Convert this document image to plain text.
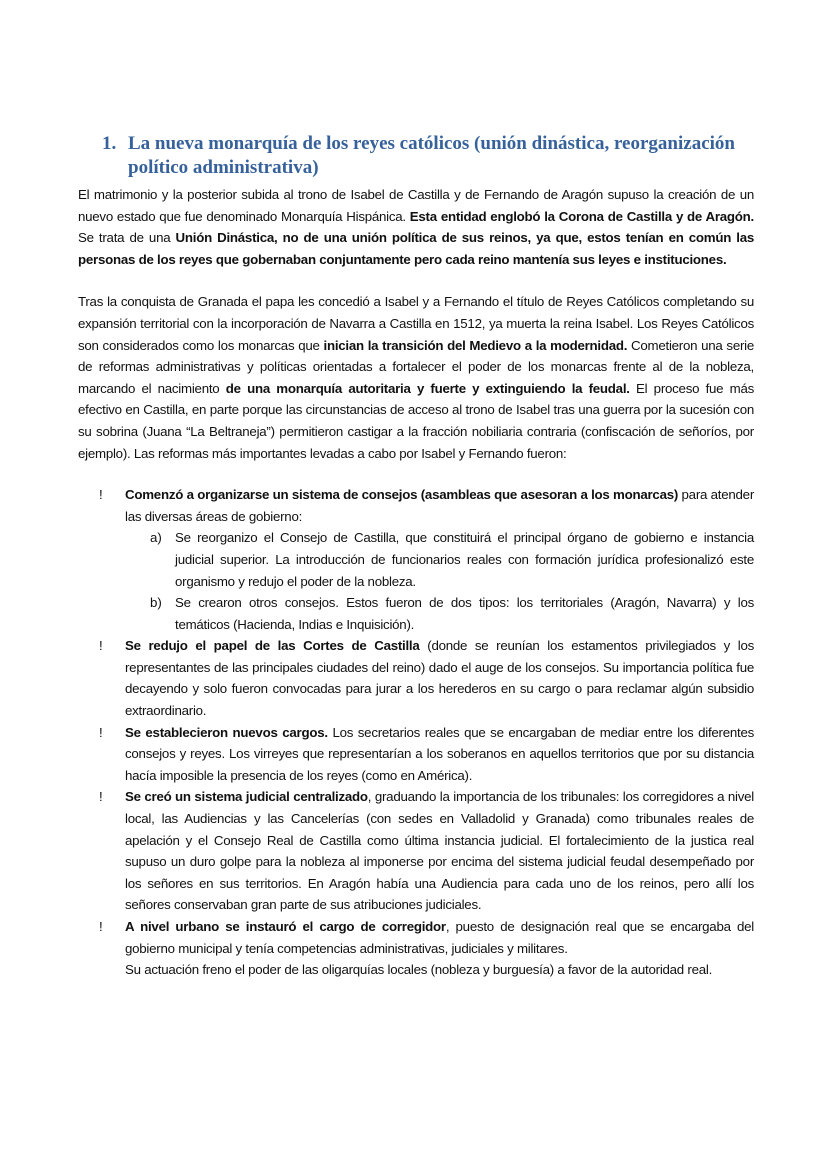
1. La nueva monarquía de los reyes católicos (unión dinástica, reorganización político administrativa)

El matrimonio y la posterior subida al trono de Isabel de Castilla y de Fernando de Aragón supuso la creación de un nuevo estado que fue denominado Monarquía Hispánica. Esta entidad englobó la Corona de Castilla y de Aragón. Se trata de una Unión Dinástica, no de una unión política de sus reinos, ya que, estos tenían en común las personas de los reyes que gobernaban conjuntamente pero cada reino mantenía sus leyes e instituciones.

Tras la conquista de Granada el papa les concedió a Isabel y a Fernando el título de Reyes Católicos completando su expansión territorial con la incorporación de Navarra a Castilla en 1512, ya muerta la reina Isabel. Los Reyes Católicos son considerados como los monarcas que inician la transición del Medievo a la modernidad. Cometieron una serie de reformas administrativas y políticas orientadas a fortalecer el poder de los monarcas frente al de la nobleza, marcando el nacimiento de una monarquía autoritaria y fuerte y extinguiendo la feudal. El proceso fue más efectivo en Castilla, en parte porque las circunstancias de acceso al trono de Isabel tras una guerra por la sucesión con su sobrina (Juana “La Beltraneja”) permitieron castigar a la fracción nobiliaria contraria (confiscación de señoríos, por ejemplo). Las reformas más importantes levadas a cabo por Isabel y Fernando fueron:

!	Comenzó a organizarse un sistema de consejos (asambleas que asesoran a los monarcas) para atender las diversas áreas de gobierno:
a) Se reorganizo el Consejo de Castilla, que constituirá el principal órgano de gobierno e instancia judicial superior. La introducción de funcionarios reales con formación jurídica profesionalizó este organismo y redujo el poder de la nobleza.
b) Se crearon otros consejos. Estos fueron de dos tipos: los territoriales (Aragón, Navarra) y los temáticos (Hacienda, Indias e Inquisición).
!	Se redujo el papel de las Cortes de Castilla (donde se reunían los estamentos privilegiados y los representantes de las principales ciudades del reino) dado el auge de los consejos. Su importancia política fue decayendo y solo fueron convocadas para jurar a los herederos en su cargo o para reclamar algún subsidio extraordinario.
!	Se establecieron nuevos cargos. Los secretarios reales que se encargaban de mediar entre los diferentes consejos y reyes. Los virreyes que representarían a los soberanos en aquellos territorios que por su distancia hacía imposible la presencia de los reyes (como en América).
!	Se creó un sistema judicial centralizado, graduando la importancia de los tribunales: los corregidores a nivel local, las Audiencias y las Cancelerías (con sedes en Valladolid y Granada) como tribunales reales de apelación y el Consejo Real de Castilla como última instancia judicial. El fortalecimiento de la justica real supuso un duro golpe para la nobleza al imponerse por encima del sistema judicial feudal desempeñado por los señores en sus territorios. En Aragón había una Audiencia para cada uno de los reinos, pero allí los señores conservaban gran parte de sus atribuciones judiciales.
!	A nivel urbano se instauró el cargo de corregidor, puesto de designación real que se encargaba del gobierno municipal y tenía competencias administrativas, judiciales y militares.
Su actuación freno el poder de las oligarquías locales (nobleza y burguesía) a favor de la autoridad real.
